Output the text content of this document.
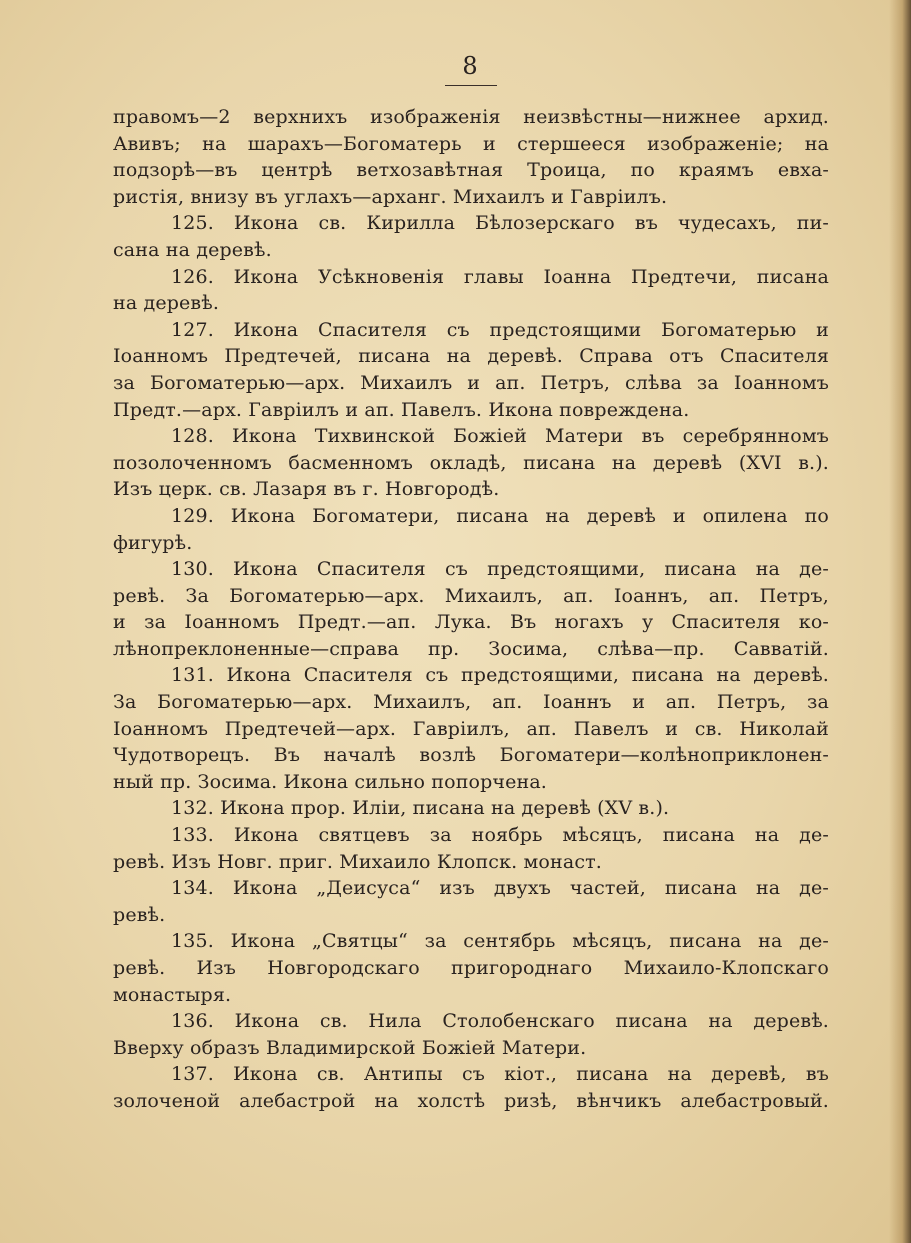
8
правомъ—2 верхнихъ изображенія неизвѣстны—нижнее архид.
Авивъ; на шарахъ—Богоматерь и стершееся изображеніе; на
подзорѣ—въ центрѣ ветхозавѣтная Троица, по краямъ евха-
ристія, внизу въ углахъ—арханг. Михаилъ и Гавріилъ.
125. Икона св. Кирилла Бѣлозерскаго въ чудесахъ, пи-
сана на деревѣ.
126. Икона Усѣкновенія главы Іоанна Предтечи, писана
на деревѣ.
127. Икона Спасителя съ предстоящими Богоматерью и
Іоанномъ Предтечей, писана на деревѣ. Справа отъ Спасителя
за Богоматерью—арх. Михаилъ и ап. Петръ, слѣва за Іоанномъ
Предт.—арх. Гавріилъ и ап. Павелъ. Икона повреждена.
128. Икона Тихвинской Божіей Матери въ серебрянномъ
позолоченномъ басменномъ окладѣ, писана на деревѣ (XVI в.).
Изъ церк. св. Лазаря въ г. Новгородѣ.
129. Икона Богоматери, писана на деревѣ и опилена по
фигурѣ.
130. Икона Спасителя съ предстоящими, писана на де-
ревѣ. За Богоматерью—арх. Михаилъ, ап. Іоаннъ, ап. Петръ,
и за Іоанномъ Предт.—ап. Лука. Въ ногахъ у Спасителя ко-
лѣнопреклоненные—справа пр. Зосима, слѣва—пр. Савватій.
131. Икона Спасителя съ предстоящими, писана на деревѣ.
За Богоматерью—арх. Михаилъ, ап. Іоаннъ и ап. Петръ, за
Іоанномъ Предтечей—арх. Гавріилъ, ап. Павелъ и св. Николай
Чудотворецъ. Въ началѣ возлѣ Богоматери—колѣноприклонен-
ный пр. Зосима. Икона сильно попорчена.
132. Икона прор. Иліи, писана на деревѣ (XV в.).
133. Икона святцевъ за ноябрь мѣсяцъ, писана на де-
ревѣ. Изъ Новг. приг. Михаило Клопск. монаст.
134. Икона „Деисуса“ изъ двухъ частей, писана на де-
ревѣ.
135. Икона „Святцы“ за сентябрь мѣсяцъ, писана на де-
ревѣ. Изъ Новгородскаго пригороднаго Михаило-Клопскаго
монастыря.
136. Икона св. Нила Столобенскаго писана на деревѣ.
Вверху образъ Владимирской Божіей Матери.
137. Икона св. Антипы съ кіот., писана на деревѣ, въ
золоченой алебастрой на холстѣ ризѣ, вѣнчикъ алебастровый.
